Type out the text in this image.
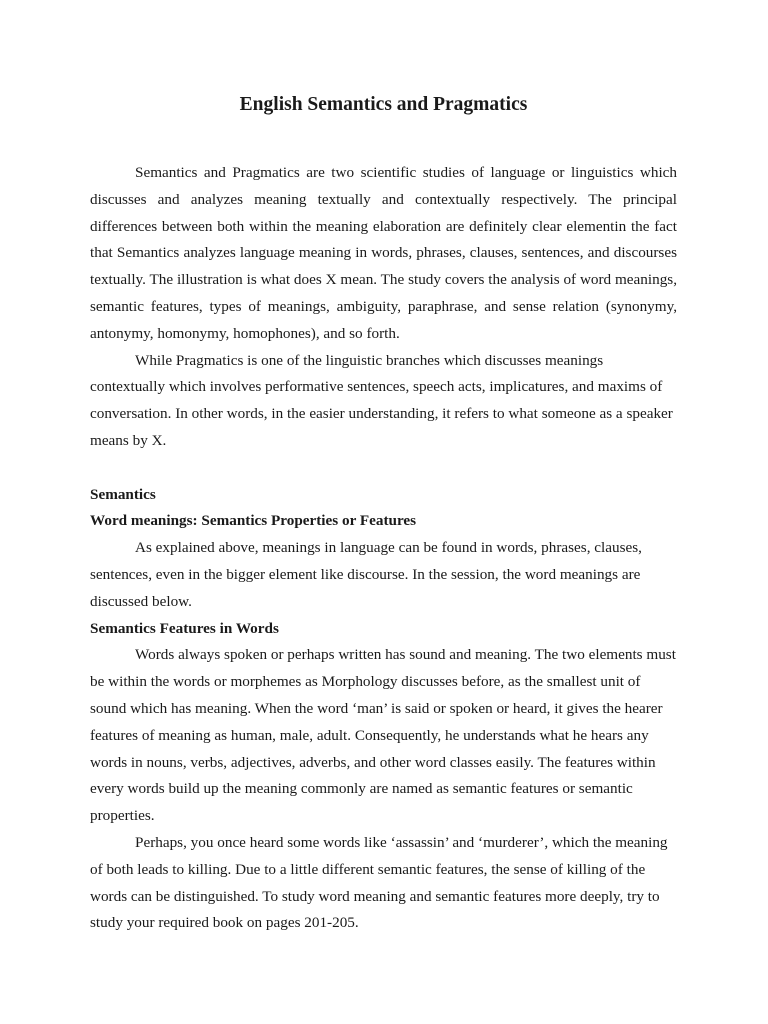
English Semantics and Pragmatics

Semantics and Pragmatics are two scientific studies of language or linguistics which discusses and analyzes meaning textually and contextually respectively. The principal differences between both within the meaning elaboration are definitely clear elementin the fact that Semantics analyzes language meaning in words, phrases, clauses, sentences, and discourses textually. The illustration is what does X mean. The study covers the analysis of word meanings, semantic features, types of meanings, ambiguity, paraphrase, and sense relation (synonymy, antonymy, homonymy, homophones), and so forth.

While Pragmatics is one of the linguistic branches which discusses meanings contextually which involves performative sentences, speech acts, implicatures, and maxims of conversation. In other words, in the easier understanding, it refers to what someone as a speaker means by X.

Semantics

Word meanings: Semantics Properties or Features

As explained above, meanings in language can be found in words, phrases, clauses, sentences, even in the bigger element like discourse. In the session, the word meanings are discussed below.

Semantics Features in Words

Words always spoken or perhaps written has sound and meaning. The two elements must be within the words or morphemes as Morphology discusses before, as the smallest unit of sound which has meaning. When the word ‘man’ is said or spoken or heard, it gives the hearer features of meaning as human, male, adult. Consequently, he understands what he hears any words in nouns, verbs, adjectives, adverbs, and other word classes easily. The features within every words build up the meaning commonly are named as semantic features or semantic properties.

Perhaps, you once heard some words like ‘assassin’ and ‘murderer’, which the meaning of both leads to killing. Due to a little different semantic features, the sense of killing of the words can be distinguished. To study word meaning and semantic features more deeply, try to study your required book on pages 201-205.
